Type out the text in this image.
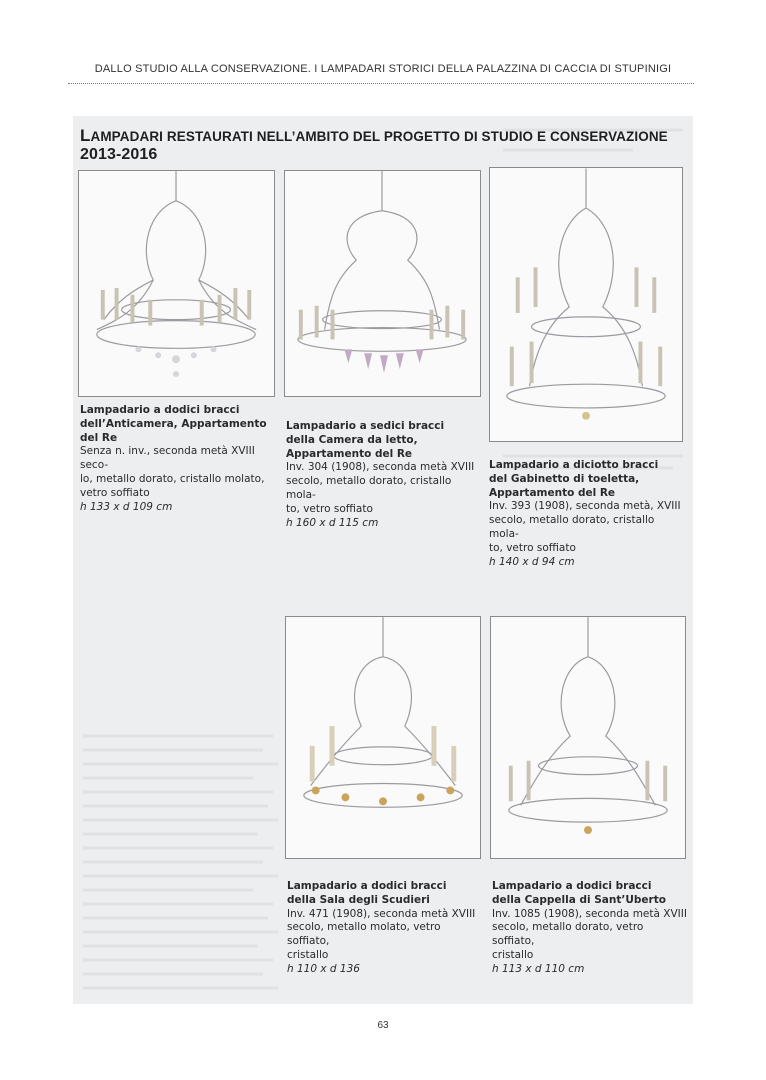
DALLO STUDIO ALLA CONSERVAZIONE. I LAMPADARI STORICI DELLA PALAZZINA DI CACCIA DI STUPINIGI
LAMPADARI RESTAURATI NELL’AMBITO DEL PROGETTO DI STUDIO E CONSERVAZIONE 2013-2016
Lampadario a dodici bracci
dell’Anticamera, Appartamento
del Re
Senza n. inv., seconda metà XVIII seco-
lo, metallo dorato, cristallo molato,
vetro soffiato
h 133 x d 109 cm
Lampadario a sedici bracci
della Camera da letto,
Appartamento del Re
Inv. 304 (1908), seconda metà XVIII
secolo, metallo dorato, cristallo mola-
to, vetro soffiato
h 160 x d 115 cm
Lampadario a diciotto bracci
del Gabinetto di toeletta,
Appartamento del Re
Inv. 393 (1908), seconda metà, XVIII
secolo, metallo dorato, cristallo mola-
to, vetro soffiato
h 140 x d 94 cm
Lampadario a dodici bracci
della Sala degli Scudieri
Inv. 471 (1908), seconda metà XVIII
secolo, metallo molato, vetro soffiato,
cristallo
h 110 x d 136
Lampadario a dodici bracci
della Cappella di Sant’Uberto
Inv. 1085 (1908), seconda metà XVIII
secolo, metallo dorato, vetro soffiato,
cristallo
h 113 x d 110 cm
63
